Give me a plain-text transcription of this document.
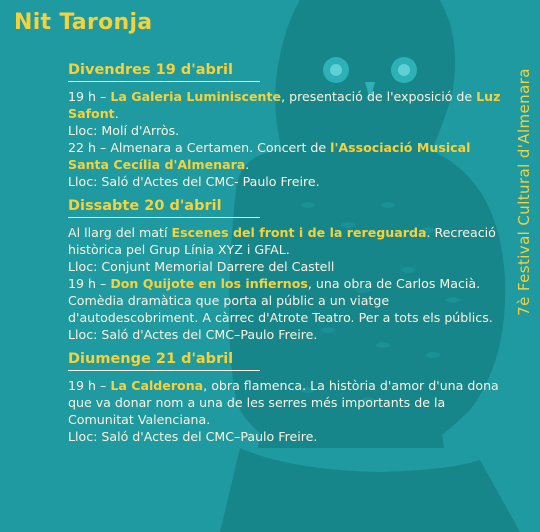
Nit Taronja
Divendres 19 d'abril

19 h – La Galeria Luminiscente, presentació de l'exposició de Luz Safont.

Lloc: Molí d'Arròs.

22 h – Almenara a Certamen. Concert de l'Associació Musical Santa Cecília d'Almenara.

Lloc: Saló d'Actes del CMC- Paulo Freire.
Dissabte 20 d'abril

Al llarg del matí Escenes del front i de la rereguarda. Recreació històrica pel Grup Línia XYZ i GFAL.

Lloc: Conjunt Memorial Darrere del Castell

19 h – Don Quijote en los infiernos, una obra de Carlos Macià. Comèdia dramàtica que porta al públic a un viatge d'autodescobriment. A càrrec d'Atrote Teatro. Per a tots els públics.

Lloc: Saló d'Actes del CMC–Paulo Freire.
Diumenge 21 d'abril

19 h – La Calderona, obra flamenca. La història d'amor d'una dona que va donar nom a una de les serres més importants de la Comunitat Valenciana.

Lloc: Saló d'Actes del CMC–Paulo Freire.
7è Festival Cultural d'Almenara
